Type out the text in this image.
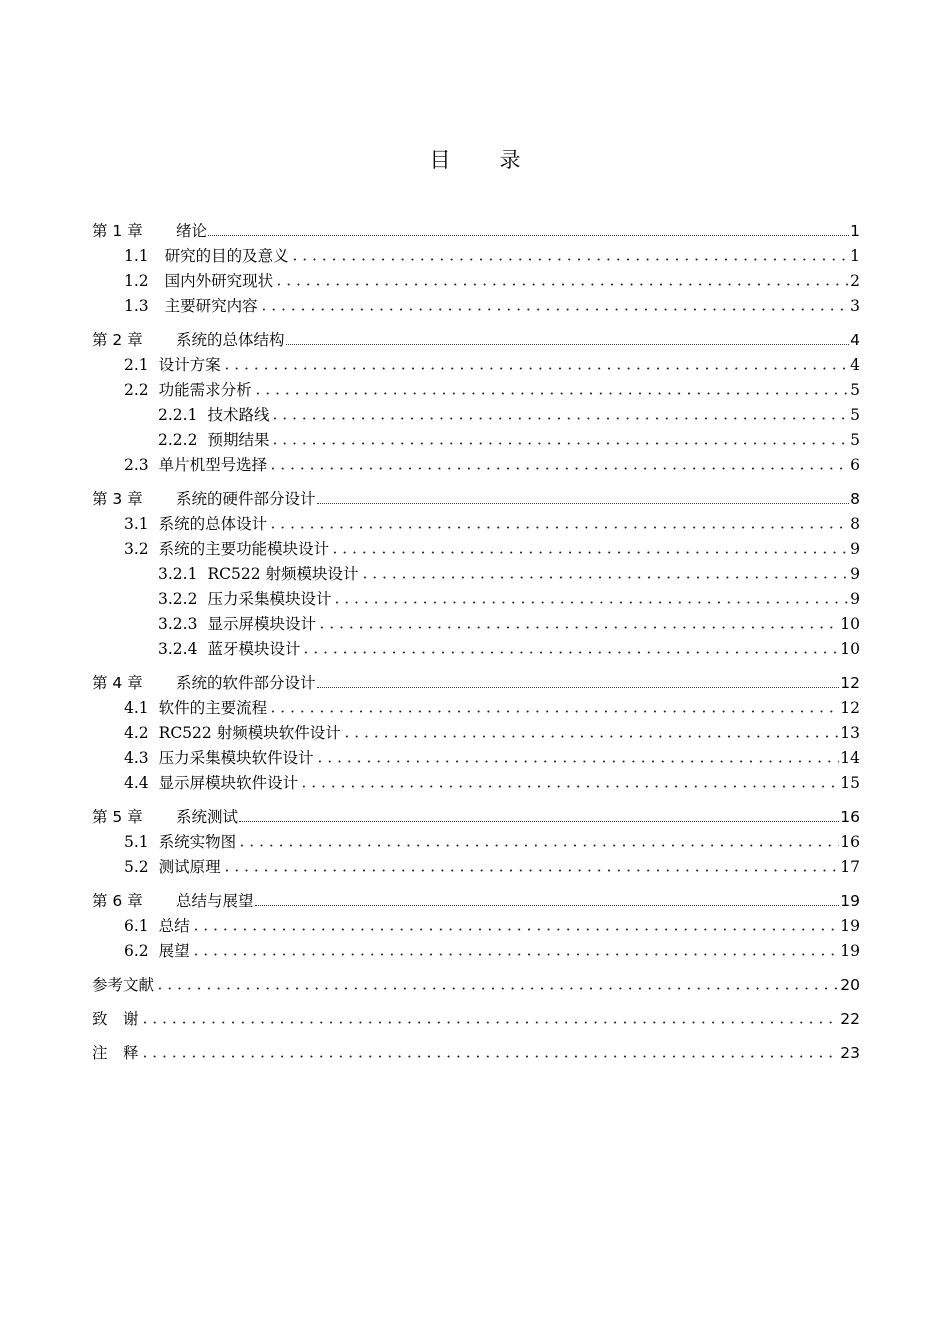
目　录
第 1 章	绪论	1
1.1 研究的目的及意义	1
1.2 国内外研究现状	2
1.3 主要研究内容	3
第 2 章	系统的总体结构	4
2.1 设计方案	4
2.2 功能需求分析	5
2.2.1 技术路线	5
2.2.2 预期结果	5
2.3 单片机型号选择	6
第 3 章	系统的硬件部分设计	8
3.1 系统的总体设计	8
3.2 系统的主要功能模块设计	9
3.2.1 RC522 射频模块设计	9
3.2.2 压力采集模块设计	9
3.2.3 显示屏模块设计	10
3.2.4 蓝牙模块设计	10
第 4 章	系统的软件部分设计	12
4.1 软件的主要流程	12
4.2 RC522 射频模块软件设计	13
4.3 压力采集模块软件设计	14
4.4 显示屏模块软件设计	15
第 5 章	系统测试	16
5.1 系统实物图	16
5.2 测试原理	17
第 6 章	总结与展望	19
6.1 总结	19
6.2 展望	19
参考文献	20
致　谢	22
注　释	23
